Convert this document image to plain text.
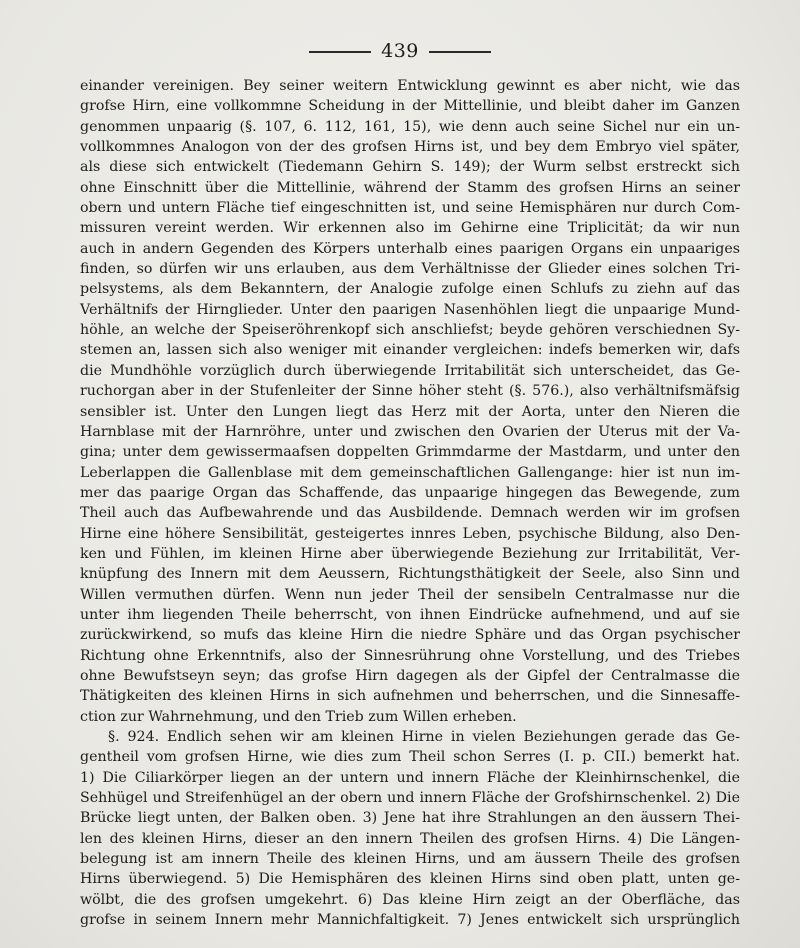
439
einander vereinigen. Bey seiner weitern Entwicklung gewinnt es aber nicht, wie das
grofse Hirn, eine vollkommne Scheidung in der Mittellinie, und bleibt daher im Ganzen
genommen unpaarig (§. 107, 6. 112, 161, 15), wie denn auch seine Sichel nur ein un-
vollkommnes Analogon von der des grofsen Hirns ist, und bey dem Embryo viel später,
als diese sich entwickelt (Tiedemann Gehirn S. 149); der Wurm selbst erstreckt sich
ohne Einschnitt über die Mittellinie, während der Stamm des grofsen Hirns an seiner
obern und untern Fläche tief eingeschnitten ist, und seine Hemisphären nur durch Com-
missuren vereint werden. Wir erkennen also im Gehirne eine Triplicität; da wir nun
auch in andern Gegenden des Körpers unterhalb eines paarigen Organs ein unpaariges
finden, so dürfen wir uns erlauben, aus dem Verhältnisse der Glieder eines solchen Tri-
pelsystems, als dem Bekanntern, der Analogie zufolge einen Schlufs zu ziehn auf das
Verhältnifs der Hirnglieder. Unter den paarigen Nasenhöhlen liegt die unpaarige Mund-
höhle, an welche der Speiseröhrenkopf sich anschliefst; beyde gehören verschiednen Sy-
stemen an, lassen sich also weniger mit einander vergleichen: indefs bemerken wir, dafs
die Mundhöhle vorzüglich durch überwiegende Irritabilität sich unterscheidet, das Ge-
ruchorgan aber in der Stufenleiter der Sinne höher steht (§. 576.), also verhältnifsmäfsig
sensibler ist. Unter den Lungen liegt das Herz mit der Aorta, unter den Nieren die
Harnblase mit der Harnröhre, unter und zwischen den Ovarien der Uterus mit der Va-
gina; unter dem gewissermaafsen doppelten Grimmdarme der Mastdarm, und unter den
Leberlappen die Gallenblase mit dem gemeinschaftlichen Gallengange: hier ist nun im-
mer das paarige Organ das Schaffende, das unpaarige hingegen das Bewegende, zum
Theil auch das Aufbewahrende und das Ausbildende. Demnach werden wir im grofsen
Hirne eine höhere Sensibilität, gesteigertes innres Leben, psychische Bildung, also Den-
ken und Fühlen, im kleinen Hirne aber überwiegende Beziehung zur Irritabilität, Ver-
knüpfung des Innern mit dem Aeussern, Richtungsthätigkeit der Seele, also Sinn und
Willen vermuthen dürfen. Wenn nun jeder Theil der sensibeln Centralmasse nur die
unter ihm liegenden Theile beherrscht, von ihnen Eindrücke aufnehmend, und auf sie
zurückwirkend, so mufs das kleine Hirn die niedre Sphäre und das Organ psychischer
Richtung ohne Erkenntnifs, also der Sinnesrührung ohne Vorstellung, und des Triebes
ohne Bewufstseyn seyn; das grofse Hirn dagegen als der Gipfel der Centralmasse die
Thätigkeiten des kleinen Hirns in sich aufnehmen und beherrschen, und die Sinnesaffe-
ction zur Wahrnehmung, und den Trieb zum Willen erheben.
§. 924. Endlich sehen wir am kleinen Hirne in vielen Beziehungen gerade das Ge-
gentheil vom grofsen Hirne, wie dies zum Theil schon Serres (I. p. CII.) bemerkt hat.
1) Die Ciliarkörper liegen an der untern und innern Fläche der Kleinhirnschenkel, die
Sehhügel und Streifenhügel an der obern und innern Fläche der Grofshirnschenkel. 2) Die
Brücke liegt unten, der Balken oben. 3) Jene hat ihre Strahlungen an den äussern Thei-
len des kleinen Hirns, dieser an den innern Theilen des grofsen Hirns. 4) Die Längen-
belegung ist am innern Theile des kleinen Hirns, und am äussern Theile des grofsen
Hirns überwiegend. 5) Die Hemisphären des kleinen Hirns sind oben platt, unten ge-
wölbt, die des grofsen umgekehrt. 6) Das kleine Hirn zeigt an der Oberfläche, das
grofse in seinem Innern mehr Mannichfaltigkeit. 7) Jenes entwickelt sich ursprünglich
